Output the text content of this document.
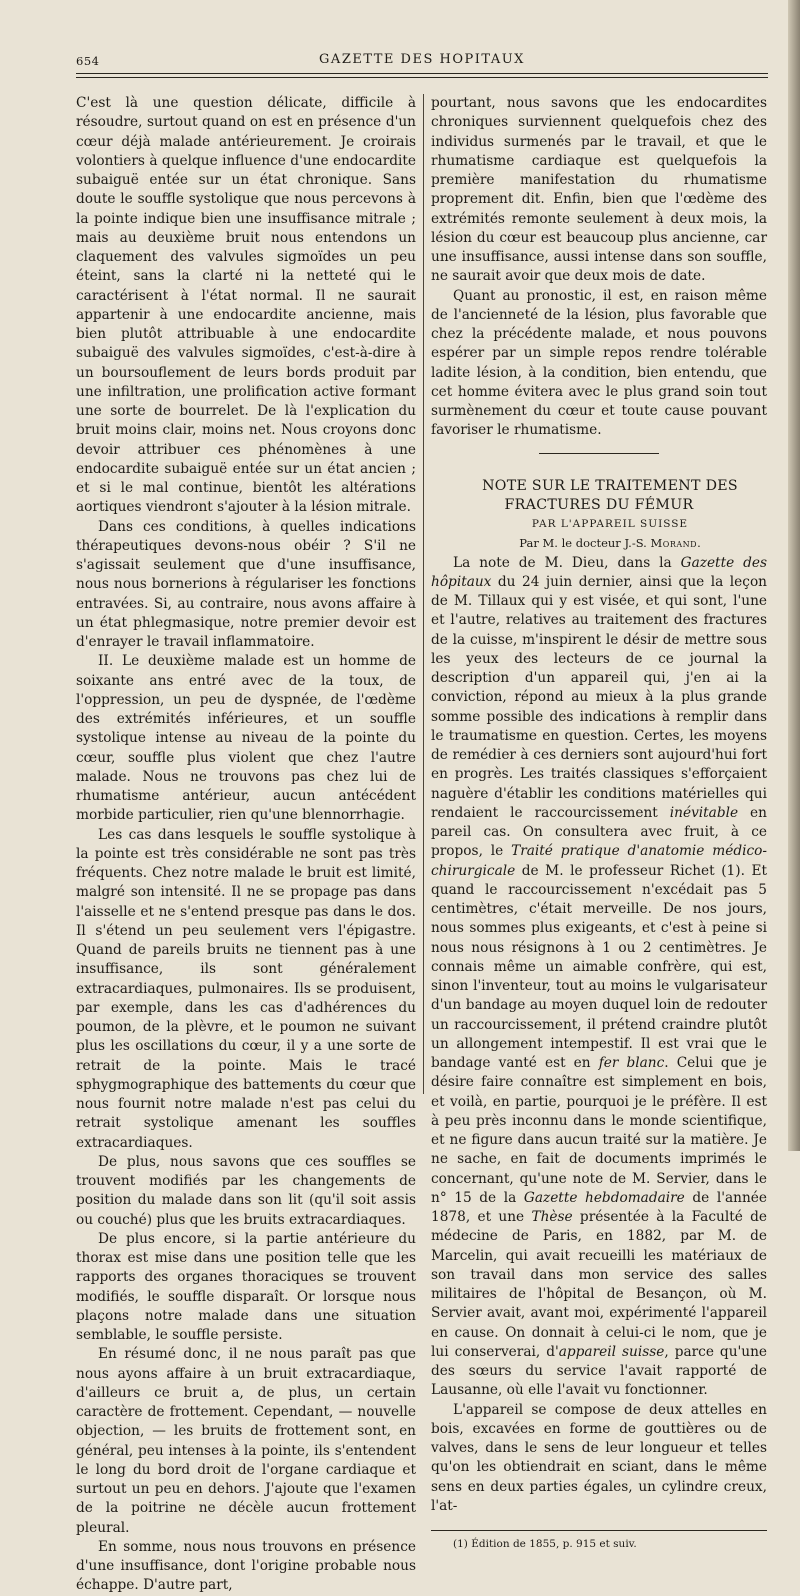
654	GAZETTE DES HOPITAUX

C'est là une question délicate, difficile à résoudre, surtout quand on est en présence d'un cœur déjà malade antérieurement. Je croirais volontiers à quelque influence d'une endocardite subaiguë entée sur un état chronique. Sans doute le souffle systolique que nous percevons à la pointe indique bien une insuffisance mitrale ; mais au deuxième bruit nous entendons un claquement des valvules sigmoïdes un peu éteint, sans la clarté ni la netteté qui le caractérisent à l'état normal. Il ne saurait appartenir à une endocardite ancienne, mais bien plutôt attribuable à une endocardite subaiguë des valvules sigmoïdes, c'est-à-dire à un boursouflement de leurs bords produit par une infiltration, une prolification active formant une sorte de bourrelet. De là l'explication du bruit moins clair, moins net. Nous croyons donc devoir attribuer ces phénomènes à une endocardite subaiguë entée sur un état ancien ; et si le mal continue, bientôt les altérations aortiques viendront s'ajouter à la lésion mitrale.

Dans ces conditions, à quelles indications thérapeutiques devons-nous obéir ? S'il ne s'agissait seulement que d'une insuffisance, nous nous bornerions à régulariser les fonctions entravées. Si, au contraire, nous avons affaire à un état phlegmasique, notre premier devoir est d'enrayer le travail inflammatoire.

II. Le deuxième malade est un homme de soixante ans entré avec de la toux, de l'oppression, un peu de dyspnée, de l'œdème des extrémités inférieures, et un souffle systolique intense au niveau de la pointe du cœur, souffle plus violent que chez l'autre malade. Nous ne trouvons pas chez lui de rhumatisme antérieur, aucun antécédent morbide particulier, rien qu'une blennorrhagie.

Les cas dans lesquels le souffle systolique à la pointe est très considérable ne sont pas très fréquents. Chez notre malade le bruit est limité, malgré son intensité. Il ne se propage pas dans l'aisselle et ne s'entend presque pas dans le dos. Il s'étend un peu seulement vers l'épigastre. Quand de pareils bruits ne tiennent pas à une insuffisance, ils sont généralement extracardiaques, pulmonaires. Ils se produisent, par exemple, dans les cas d'adhérences du poumon, de la plèvre, et le poumon ne suivant plus les oscillations du cœur, il y a une sorte de retrait de la pointe. Mais le tracé sphygmographique des battements du cœur que nous fournit notre malade n'est pas celui du retrait systolique amenant les souffles extracardiaques.

De plus, nous savons que ces souffles se trouvent modifiés par les changements de position du malade dans son lit (qu'il soit assis ou couché) plus que les bruits extracardiaques.

De plus encore, si la partie antérieure du thorax est mise dans une position telle que les rapports des organes thoraciques se trouvent modifiés, le souffle disparaît. Or lorsque nous plaçons notre malade dans une situation semblable, le souffle persiste.

En résumé donc, il ne nous paraît pas que nous ayons affaire à un bruit extracardiaque, d'ailleurs ce bruit a, de plus, un certain caractère de frottement. Cependant, — nouvelle objection, — les bruits de frottement sont, en général, peu intenses à la pointe, ils s'entendent le long du bord droit de l'organe cardiaque et surtout un peu en dehors. J'ajoute que l'examen de la poitrine ne décèle aucun frottement pleural.

En somme, nous nous trouvons en présence d'une insuffisance, dont l'origine probable nous échappe. D'autre part,

pourtant, nous savons que les endocardites chroniques surviennent quelquefois chez des individus surmenés par le travail, et que le rhumatisme cardiaque est quelquefois la première manifestation du rhumatisme proprement dit. Enfin, bien que l'œdème des extrémités remonte seulement à deux mois, la lésion du cœur est beaucoup plus ancienne, car une insuffisance, aussi intense dans son souffle, ne saurait avoir que deux mois de date.

Quant au pronostic, il est, en raison même de l'ancienneté de la lésion, plus favorable que chez la précédente malade, et nous pouvons espérer par un simple repos rendre tolérable ladite lésion, à la condition, bien entendu, que cet homme évitera avec le plus grand soin tout surmènement du cœur et toute cause pouvant favoriser le rhumatisme.

NOTE SUR LE TRAITEMENT DES FRACTURES DU FÉMUR

PAR L'APPAREIL SUISSE

Par M. le docteur J.-S. Morand.

La note de M. Dieu, dans la Gazette des hôpitaux du 24 juin dernier, ainsi que la leçon de M. Tillaux qui y est visée, et qui sont, l'une et l'autre, relatives au traitement des fractures de la cuisse, m'inspirent le désir de mettre sous les yeux des lecteurs de ce journal la description d'un appareil qui, j'en ai la conviction, répond au mieux à la plus grande somme possible des indications à remplir dans le traumatisme en question. Certes, les moyens de remédier à ces derniers sont aujourd'hui fort en progrès. Les traités classiques s'efforçaient naguère d'établir les conditions matérielles qui rendaient le raccourcissement inévitable en pareil cas. On consultera avec fruit, à ce propos, le Traité pratique d'anatomie médico-chirurgicale de M. le professeur Richet (1). Et quand le raccourcissement n'excédait pas 5 centimètres, c'était merveille. De nos jours, nous sommes plus exigeants, et c'est à peine si nous nous résignons à 1 ou 2 centimètres. Je connais même un aimable confrère, qui est, sinon l'inventeur, tout au moins le vulgarisateur d'un bandage au moyen duquel loin de redouter un raccourcissement, il prétend craindre plutôt un allongement intempestif. Il est vrai que le bandage vanté est en fer blanc. Celui que je désire faire connaître est simplement en bois, et voilà, en partie, pourquoi je le préfère. Il est à peu près inconnu dans le monde scientifique, et ne figure dans aucun traité sur la matière. Je ne sache, en fait de documents imprimés le concernant, qu'une note de M. Servier, dans le n° 15 de la Gazette hebdomadaire de l'année 1878, et une Thèse présentée à la Faculté de médecine de Paris, en 1882, par M. de Marcelin, qui avait recueilli les matériaux de son travail dans mon service des salles militaires de l'hôpital de Besançon, où M. Servier avait, avant moi, expérimenté l'appareil en cause. On donnait à celui-ci le nom, que je lui conserverai, d'appareil suisse, parce qu'une des sœurs du service l'avait rapporté de Lausanne, où elle l'avait vu fonctionner.

L'appareil se compose de deux attelles en bois, excavées en forme de gouttières ou de valves, dans le sens de leur longueur et telles qu'on les obtiendrait en sciant, dans le même sens en deux parties égales, un cylindre creux, l'at-

(1) Édition de 1855, p. 915 et suiv.
